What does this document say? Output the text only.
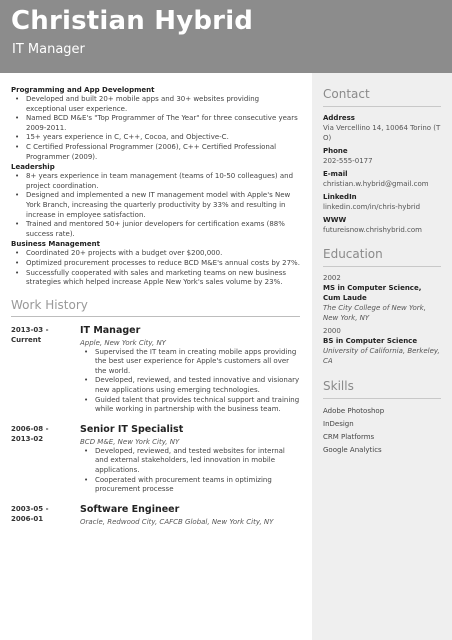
Christian Hybrid
IT Manager
Programming and App Development
• Developed and built 20+ mobile apps and 30+ websites providing exceptional user experience.
• Named BCD M&E's "Top Programmer of The Year" for three consecutive years 2009-2011.
• 15+ years experience in C, C++, Cocoa, and Objective-C.
• C Certified Professional Programmer (2006), C++ Certified Professional Programmer (2009).
Leadership
• 8+ years experience in team management (teams of 10-50 colleagues) and project coordination.
• Designed and implemented a new IT management model with Apple's New York Branch, increasing the quarterly productivity by 33% and resulting in increase in employee satisfaction.
• Trained and mentored 50+ junior developers for certification exams (88% success rate).
Business Management
• Coordinated 20+ projects with a budget over $200,000.
• Optimized procurement processes to reduce BCD M&E's annual costs by 27%.
• Successfully cooperated with sales and marketing teams on new business strategies which helped increase Apple New York's sales volume by 23%.
Work History
2013-03 -
Current
IT Manager
Apple, New York City, NY
• Supervised the IT team in creating mobile apps providing the best user experience for Apple's customers all over the world.
• Developed, reviewed, and tested innovative and visionary new applications using emerging technologies.
• Guided talent that provides technical support and training while working in partnership with the business team.
2006-08 -
2013-02
Senior IT Specialist
BCD M&E, New York City, NY
• Developed, reviewed, and tested websites for internal and external stakeholders, led innovation in mobile applications.
• Cooperated with procurement teams in optimizing procurement processe
2003-05 -
2006-01
Software Engineer
Oracle, Redwood City, CAFCB Global, New York City, NY
Contact
Address
Via Vercellino 14, 10064 Torino (TO)
Phone
202-555-0177
E-mail
christian.w.hybrid@gmail.com
LinkedIn
linkedin.com/in/chris-hybrid
WWW
futureisnow.chrishybrid.com
Education
2002
MS in Computer Science, Cum Laude
The City College of New York, New York, NY
2000
BS in Computer Science
University of California, Berkeley, CA
Skills
Adobe Photoshop
InDesign
CRM Platforms
Google Analytics
